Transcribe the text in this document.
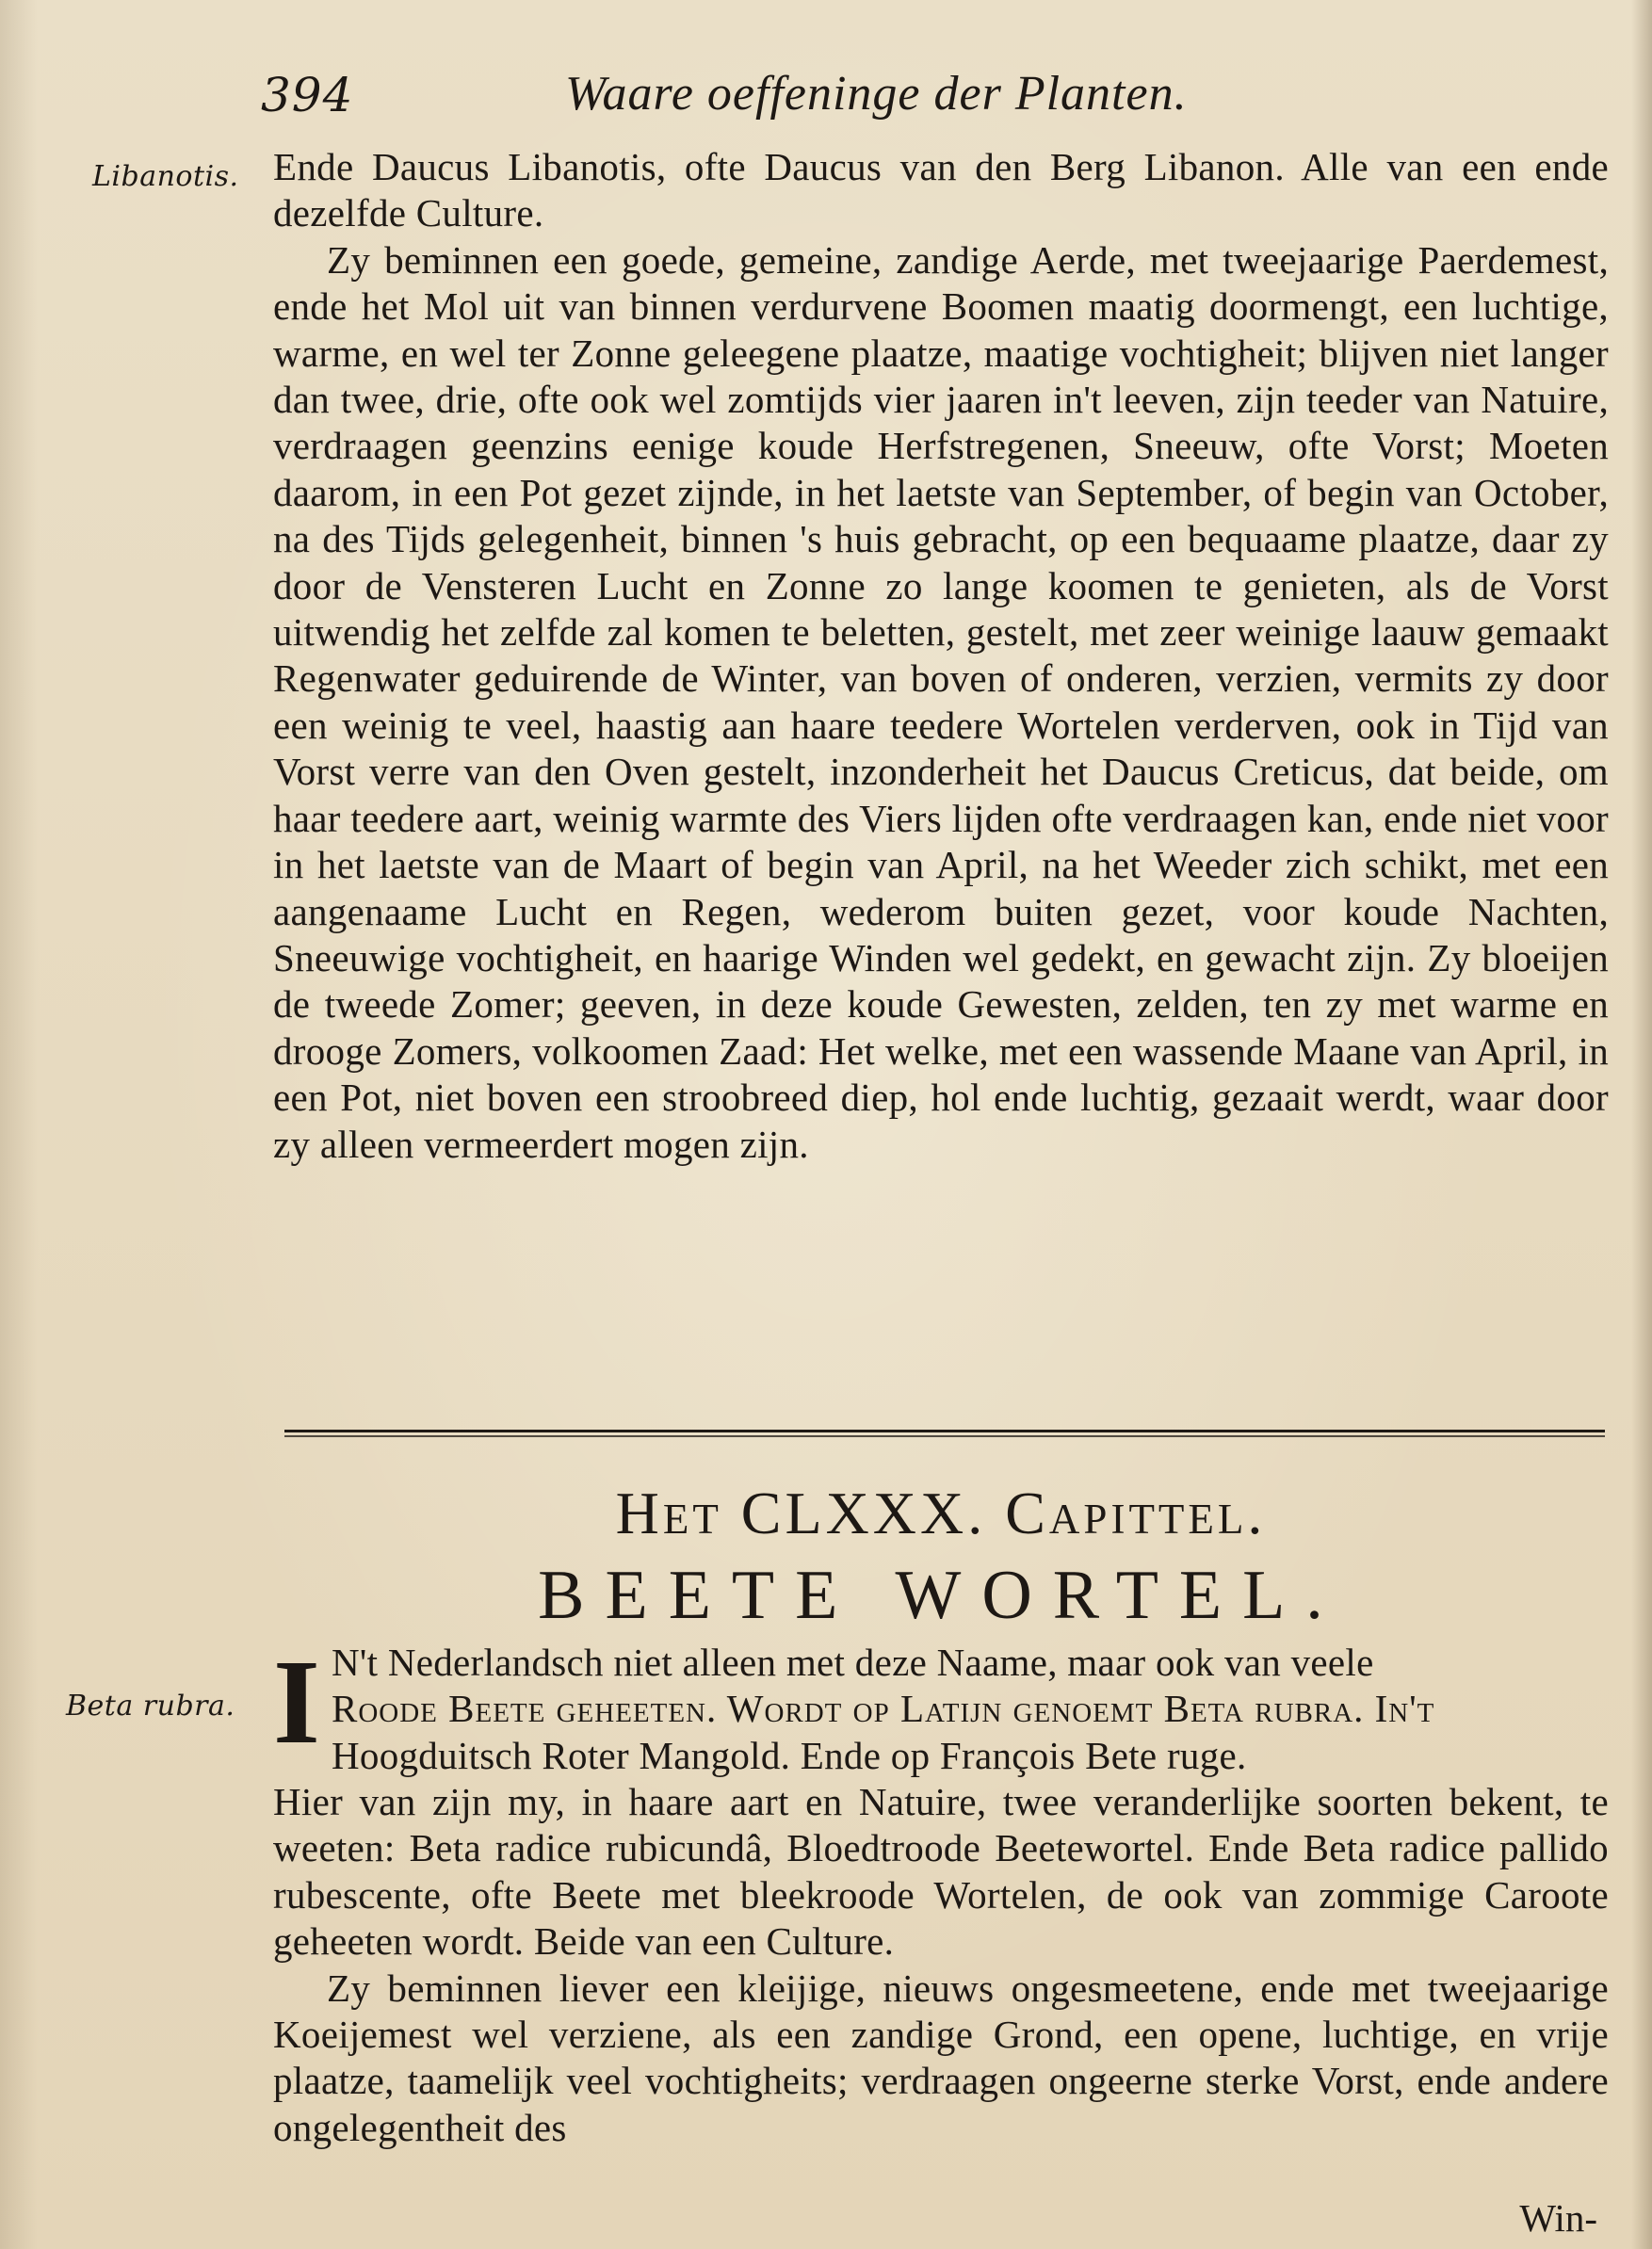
394	Waare oeffeninge der Planten.
Libanotis.
Beta rubra.

Ende Daucus Libanotis, ofte Daucus van den Berg Libanon. Alle van een ende dezelfde Culture.

Zy beminnen een goede, gemeine, zandige Aerde, met tweejaarige Paerdemest, ende het Mol uit van binnen verdurvene Boomen maatig doormengt, een luchtige, warme, en wel ter Zonne geleegene plaatze, maatige vochtigheit; blijven niet langer dan twee, drie, ofte ook wel zomtijds vier jaaren in't leeven, zijn teeder van Natuire, verdraagen geenzins eenige koude Herfstregenen, Sneeuw, ofte Vorst; Moeten daarom, in een Pot gezet zijnde, in het laetste van September, of begin van October, na des Tijds gelegenheit, binnen 's huis gebracht, op een bequaame plaatze, daar zy door de Vensteren Lucht en Zonne zo lange koomen te genieten, als de Vorst uitwendig het zelfde zal komen te beletten, gestelt, met zeer weinige laauw gemaakt Regenwater geduirende de Winter, van boven of onderen, verzien, vermits zy door een weinig te veel, haastig aan haare teedere Wortelen verderven, ook in Tijd van Vorst verre van den Oven gestelt, inzonderheit het Daucus Creticus, dat beide, om haar teedere aart, weinig warmte des Viers lijden ofte verdraagen kan, ende niet voor in het laetste van de Maart of begin van April, na het Weeder zich schikt, met een aangenaame Lucht en Regen, wederom buiten gezet, voor koude Nachten, Sneeuwige vochtigheit, en haarige Winden wel gedekt, en gewacht zijn. Zy bloeijen de tweede Zomer; geeven, in deze koude Gewesten, zelden, ten zy met warme en drooge Zomers, volkoomen Zaad: Het welke, met een wassende Maane van April, in een Pot, niet boven een stroobreed diep, hol ende luchtig, gezaait werdt, waar door zy alleen vermeerdert mogen zijn.

Het CLXXX. Capittel.
BEETE WORTEL.
I N't Nederlandsch niet alleen met deze Naame, maar ook van veele
Roode Beete geheeten. Wordt op Latijn genoemt Beta rubra. In't
Hoogduitsch Roter Mangold. Ende op François Bete ruge.

Hier van zijn my, in haare aart en Natuire, twee veranderlijke soorten bekent, te weeten: Beta radice rubicundâ, Bloedtroode Beetewortel. Ende Beta radice pallido rubescente, ofte Beete met bleekroode Wortelen, de ook van zommige Caroote geheeten wordt. Beide van een Culture.

Zy beminnen liever een kleijige, nieuws ongesmeetene, ende met tweejaarige Koeijemest wel verziene, als een zandige Grond, een opene, luchtige, en vrije plaatze, taamelijk veel vochtigheits; verdraagen ongeerne sterke Vorst, ende andere ongelegentheit des

Win-
